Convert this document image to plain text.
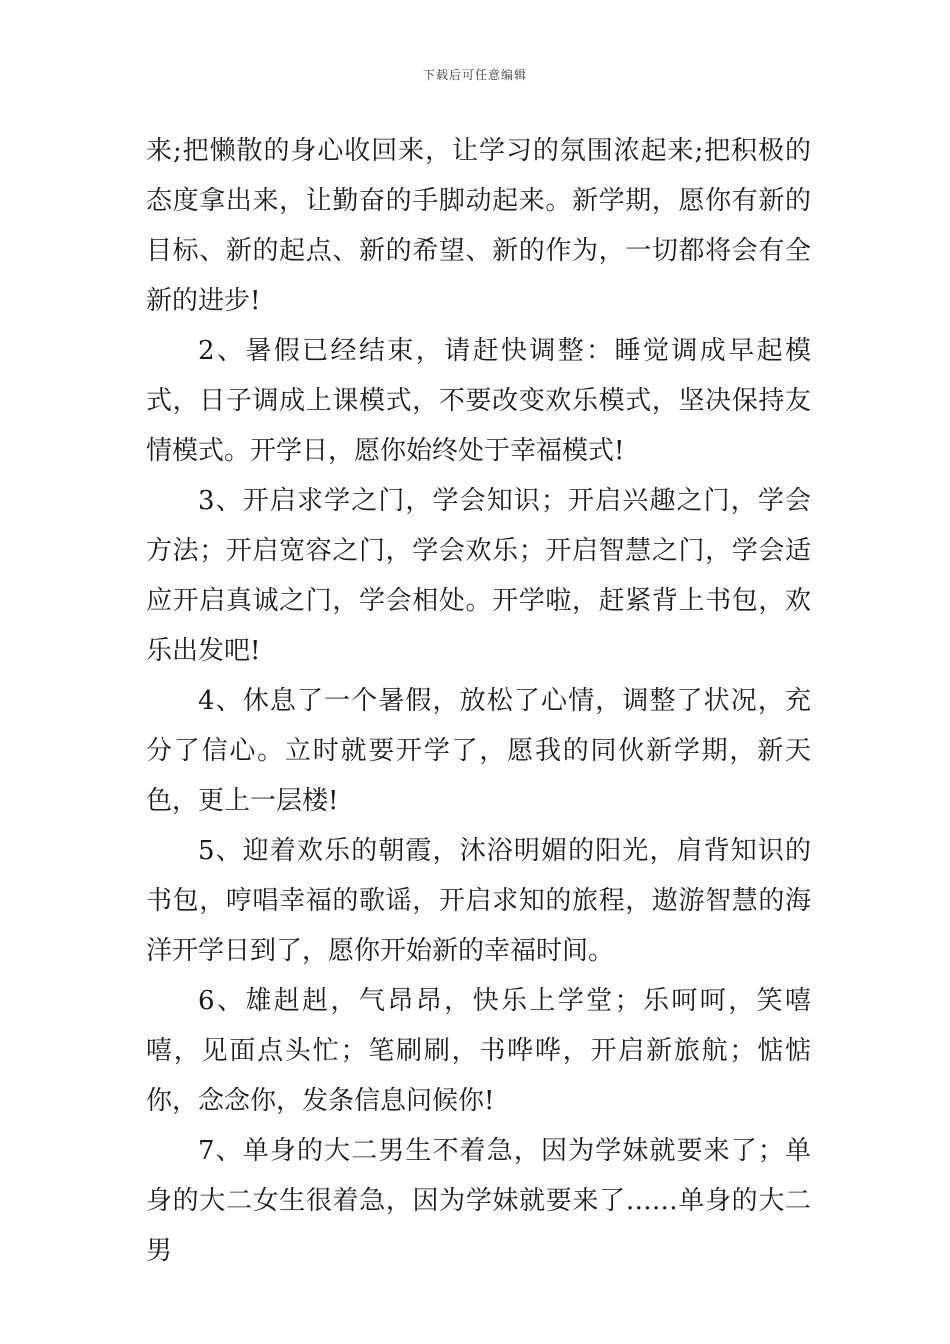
下载后可任意编辑

来;把懒散的身心收回来，让学习的氛围浓起来;把积极的态度拿出来，让勤奋的手脚动起来。新学期，愿你有新的目标、新的起点、新的希望、新的作为，一切都将会有全新的进步!

2、暑假已经结束，请赶快调整：睡觉调成早起模式，日子调成上课模式，不要改变欢乐模式，坚决保持友情模式。开学日，愿你始终处于幸福模式!

3、开启求学之门，学会知识；开启兴趣之门，学会方法；开启宽容之门，学会欢乐；开启智慧之门，学会适应开启真诚之门，学会相处。开学啦，赶紧背上书包，欢乐出发吧!

4、休息了一个暑假，放松了心情，调整了状况，充分了信心。立时就要开学了，愿我的同伙新学期，新天色，更上一层楼!

5、迎着欢乐的朝霞，沐浴明媚的阳光，肩背知识的书包，哼唱幸福的歌谣，开启求知的旅程，遨游智慧的海洋开学日到了，愿你开始新的幸福时间。

6、雄赳赳，气昂昂，快乐上学堂；乐呵呵，笑嘻嘻，见面点头忙；笔刷刷，书哗哗，开启新旅航；惦惦你，念念你，发条信息问候你!

7、单身的大二男生不着急，因为学妹就要来了；单身的大二女生很着急，因为学妹就要来了……单身的大二男
